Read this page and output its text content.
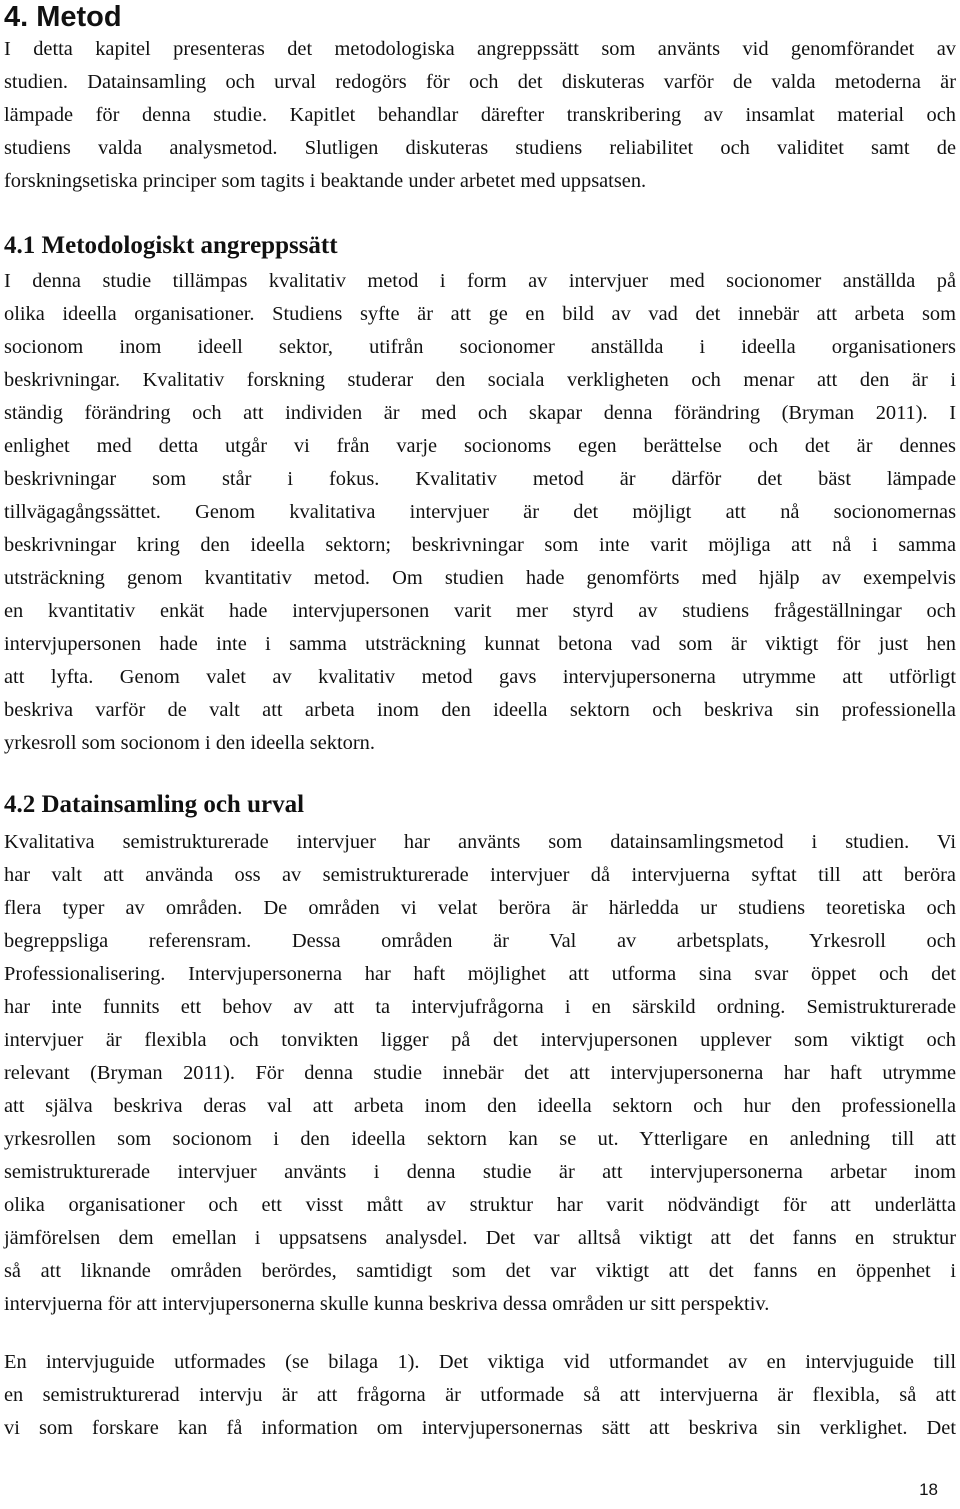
4. Metod
I detta kapitel presenteras det metodologiska angreppssätt som använts vid genomförandet av
studien. Datainsamling och urval redogörs för och det diskuteras varför de valda metoderna är
lämpade för denna studie. Kapitlet behandlar därefter transkribering av insamlat material och
studiens valda analysmetod. Slutligen diskuteras studiens reliabilitet och validitet samt de
forskningsetiska principer som tagits i beaktande under arbetet med uppsatsen.
4.1 Metodologiskt angreppssätt
I denna studie tillämpas kvalitativ metod i form av intervjuer med socionomer anställda på
olika ideella organisationer. Studiens syfte är att ge en bild av vad det innebär att arbeta som
socionom inom ideell sektor, utifrån socionomer anställda i ideella organisationers
beskrivningar. Kvalitativ forskning studerar den sociala verkligheten och menar att den är i
ständig förändring och att individen är med och skapar denna förändring (Bryman 2011). I
enlighet med detta utgår vi från varje socionoms egen berättelse och det är dennes
beskrivningar som står i fokus. Kvalitativ metod är därför det bäst lämpade
tillvägagångssättet. Genom kvalitativa intervjuer är det möjligt att nå socionomernas
beskrivningar kring den ideella sektorn; beskrivningar som inte varit möjliga att nå i samma
utsträckning genom kvantitativ metod. Om studien hade genomförts med hjälp av exempelvis
en kvantitativ enkät hade intervjupersonen varit mer styrd av studiens frågeställningar och
intervjupersonen hade inte i samma utsträckning kunnat betona vad som är viktigt för just hen
att lyfta. Genom valet av kvalitativ metod gavs intervjupersonerna utrymme att utförligt
beskriva varför de valt att arbeta inom den ideella sektorn och beskriva sin professionella
yrkesroll som socionom i den ideella sektorn.
4.2 Datainsamling och urval
Kvalitativa semistrukturerade intervjuer har använts som datainsamlingsmetod i studien. Vi
har valt att använda oss av semistrukturerade intervjuer då intervjuerna syftat till att beröra
flera typer av områden. De områden vi velat beröra är härledda ur studiens teoretiska och
begreppsliga referensram. Dessa områden är Val av arbetsplats, Yrkesroll och
Professionalisering. Intervjupersonerna har haft möjlighet att utforma sina svar öppet och det
har inte funnits ett behov av att ta intervjufrågorna i en särskild ordning. Semistrukturerade
intervjuer är flexibla och tonvikten ligger på det intervjupersonen upplever som viktigt och
relevant (Bryman 2011). För denna studie innebär det att intervjupersonerna har haft utrymme
att själva beskriva deras val att arbeta inom den ideella sektorn och hur den professionella
yrkesrollen som socionom i den ideella sektorn kan se ut. Ytterligare en anledning till att
semistrukturerade intervjuer använts i denna studie är att intervjupersonerna arbetar inom
olika organisationer och ett visst mått av struktur har varit nödvändigt för att underlätta
jämförelsen dem emellan i uppsatsens analysdel. Det var alltså viktigt att det fanns en struktur
så att liknande områden berördes, samtidigt som det var viktigt att det fanns en öppenhet i
intervjuerna för att intervjupersonerna skulle kunna beskriva dessa områden ur sitt perspektiv.
En intervjuguide utformades (se bilaga 1). Det viktiga vid utformandet av en intervjuguide till
en semistrukturerad intervju är att frågorna är utformade så att intervjuerna är flexibla, så att
vi som forskare kan få information om intervjupersonernas sätt att beskriva sin verklighet. Det
18
